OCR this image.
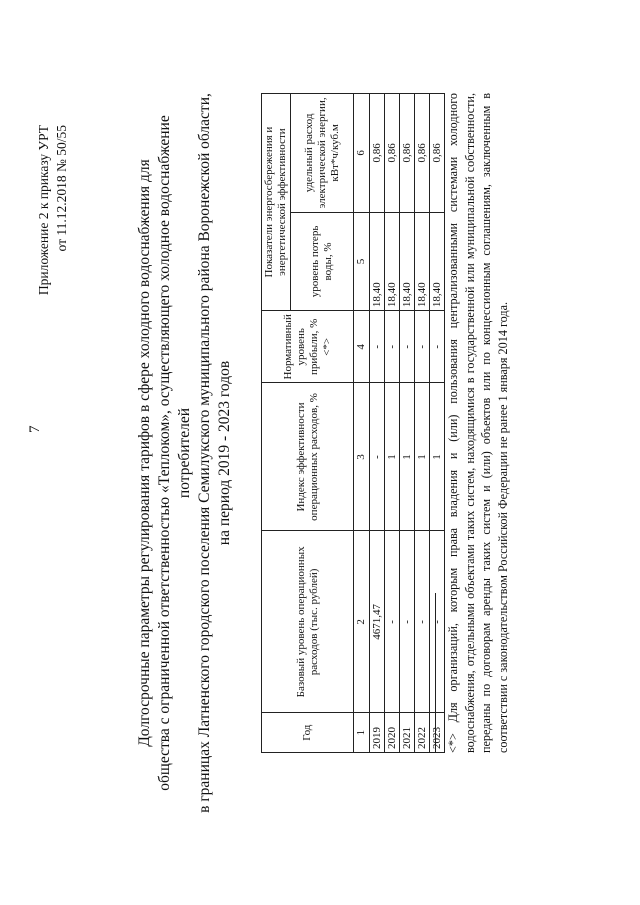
7
Приложение 2 к приказу УРТ от 11.12.2018 № 50/55	Долгосрочные параметры регулирования тарифов в сфере холодного водоснабжения для общества с ограниченной ответственностью «Теплоком», осуществляющего холодное водоснабжение потребителей в границах Латненского городского поселения Семилукского муниципального района Воронежской области, на период 2019 - 2023 годов
Год	Базовый уровень операционных расходов (тыс. рублей)	Индекс эффективности операционных расходов, %	Нормативный уровень прибыли, % <*>	Показатели энергосбережения и энергетической эффективности	
				уровень потерь воды, %	удельный расход электрической энергии, кВт*ч/куб.м
1	2	3	4	5	6
2019	4671,47	-	-	18,40	0,86
2020	-	1	-	18,40	0,86
2021	-	1	-	18,40	0,86
2022	-	1	-	18,40	0,86
2023	-	1	-	18,40	0,86 <*> Для организаций, которым права владения и (или) пользования централизованными системами холодного водоснабжения, отдельными объектами таких систем, находящимися в государственной или муниципальной собственности, переданы по договорам аренды таких систем и (или) объектов или по концессионным соглашениям, заключенным в соответствии с законодательством Российской Федерации не ранее 1 января 2014 года.
